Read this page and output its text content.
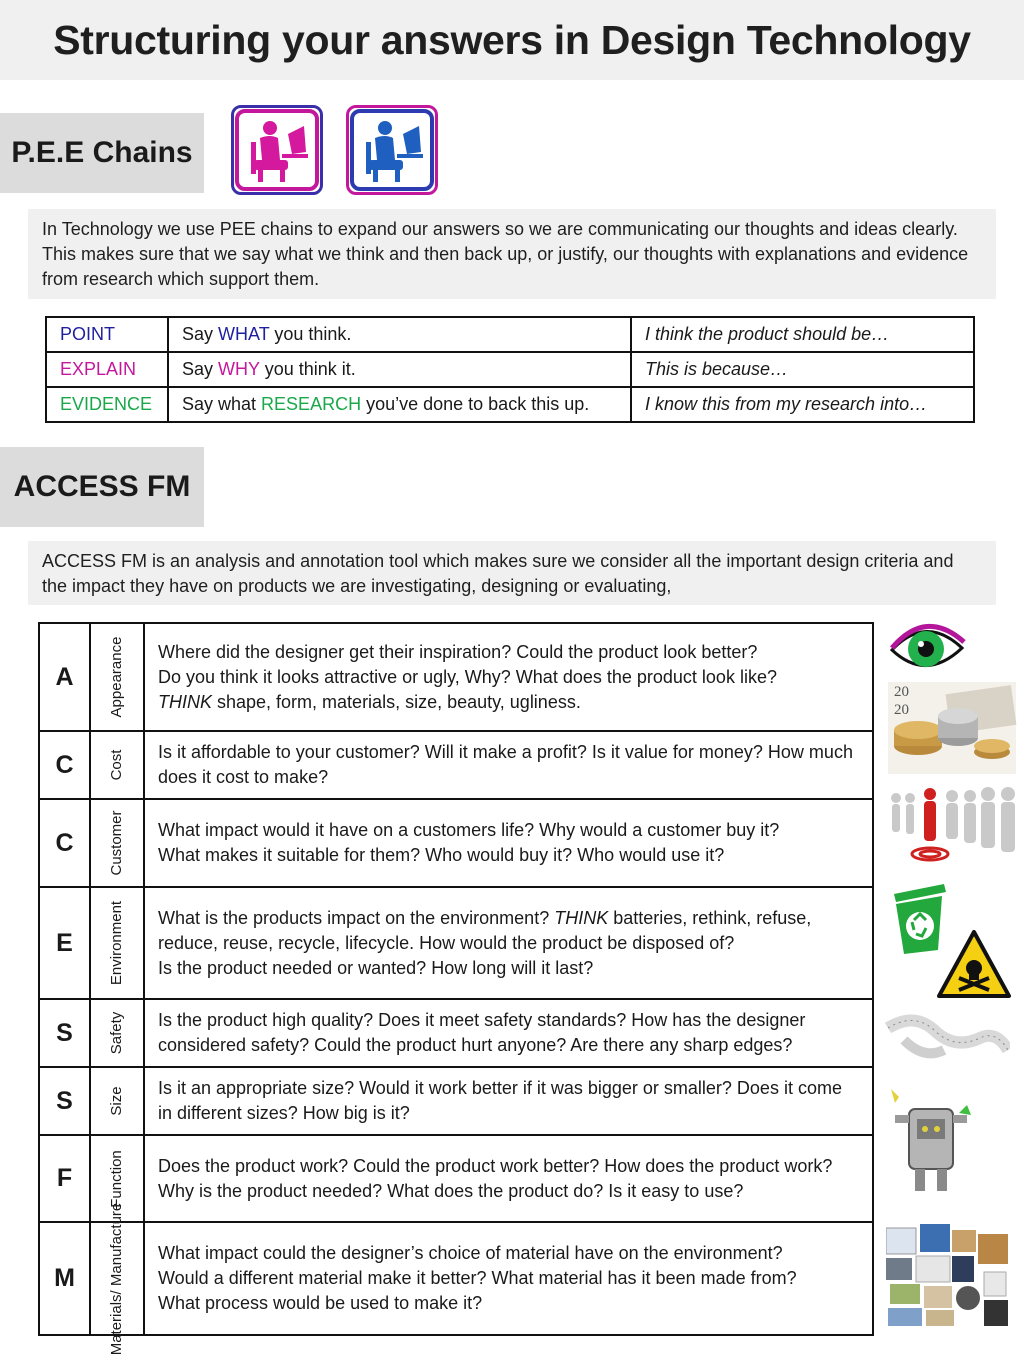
Structuring your answers in Design Technology
P.E.E Chains
In Technology we use PEE chains to expand our answers so we are communicating our thoughts and ideas clearly. This makes sure that we say what we think and then back up, or justify, our thoughts with explanations and evidence from research which support them.
POINT	Say WHAT you think.	I think the product should be…
EXPLAIN	Say WHY you think it.	This is because…
EVIDENCE	Say what RESEARCH you’ve done to back this up.	I know this from my research into…
ACCESS FM
ACCESS FM is an analysis and annotation tool which makes sure we consider all the important design criteria and the impact they have on products we are investigating, designing or evaluating,
A	Appearance	Where did the designer get their inspiration? Could the product look better?
Do you think it looks attractive or ugly, Why? What does the product look like?
THINK shape, form, materials, size, beauty, ugliness.

C	Cost	Is it affordable to your customer? Will it make a profit? Is it value for money? How much does it cost to make?

C	Customer	What impact would it have on a customers life? Why would a customer buy it?
What makes it suitable for them? Who would buy it? Who would use it?

E	Environment	What is the products impact on the environment? THINK batteries, rethink, refuse, reduce, reuse, recycle, lifecycle. How would the product be disposed of?
Is the product needed or wanted? How long will it last?

S	Safety	Is the product high quality? Does it meet safety standards? How has the designer considered safety? Could the product hurt anyone? Are there any sharp edges?

S	Size	Is it an appropriate size? Would it work better if it was bigger or smaller? Does it come in different sizes? How big is it?

F	Function	Does the product work? Could the product work better? How does the product work? Why is the product needed? What does the product do? Is it easy to use?

M	Materials/ Manufacture	What impact could the designer’s choice of material have on the environment?
Would a different material make it better? What material has it been made from?
What process would be used to make it?
20
20
